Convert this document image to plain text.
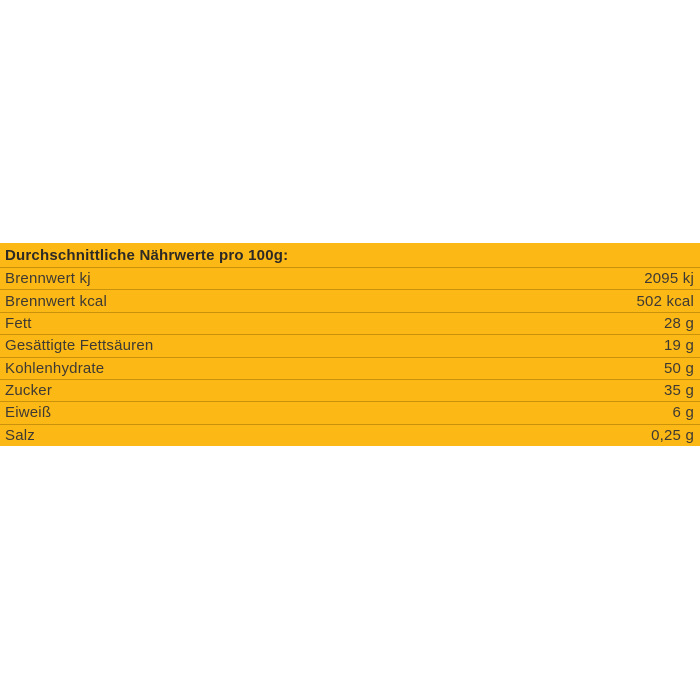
Durchschnittliche Nährwerte pro 100g:
Brennwert kj	2095 kj
Brennwert kcal	502 kcal
Fett	28 g
Gesättigte Fettsäuren	19 g
Kohlenhydrate	50 g
Zucker	35 g
Eiweiß	6 g
Salz	0,25 g
